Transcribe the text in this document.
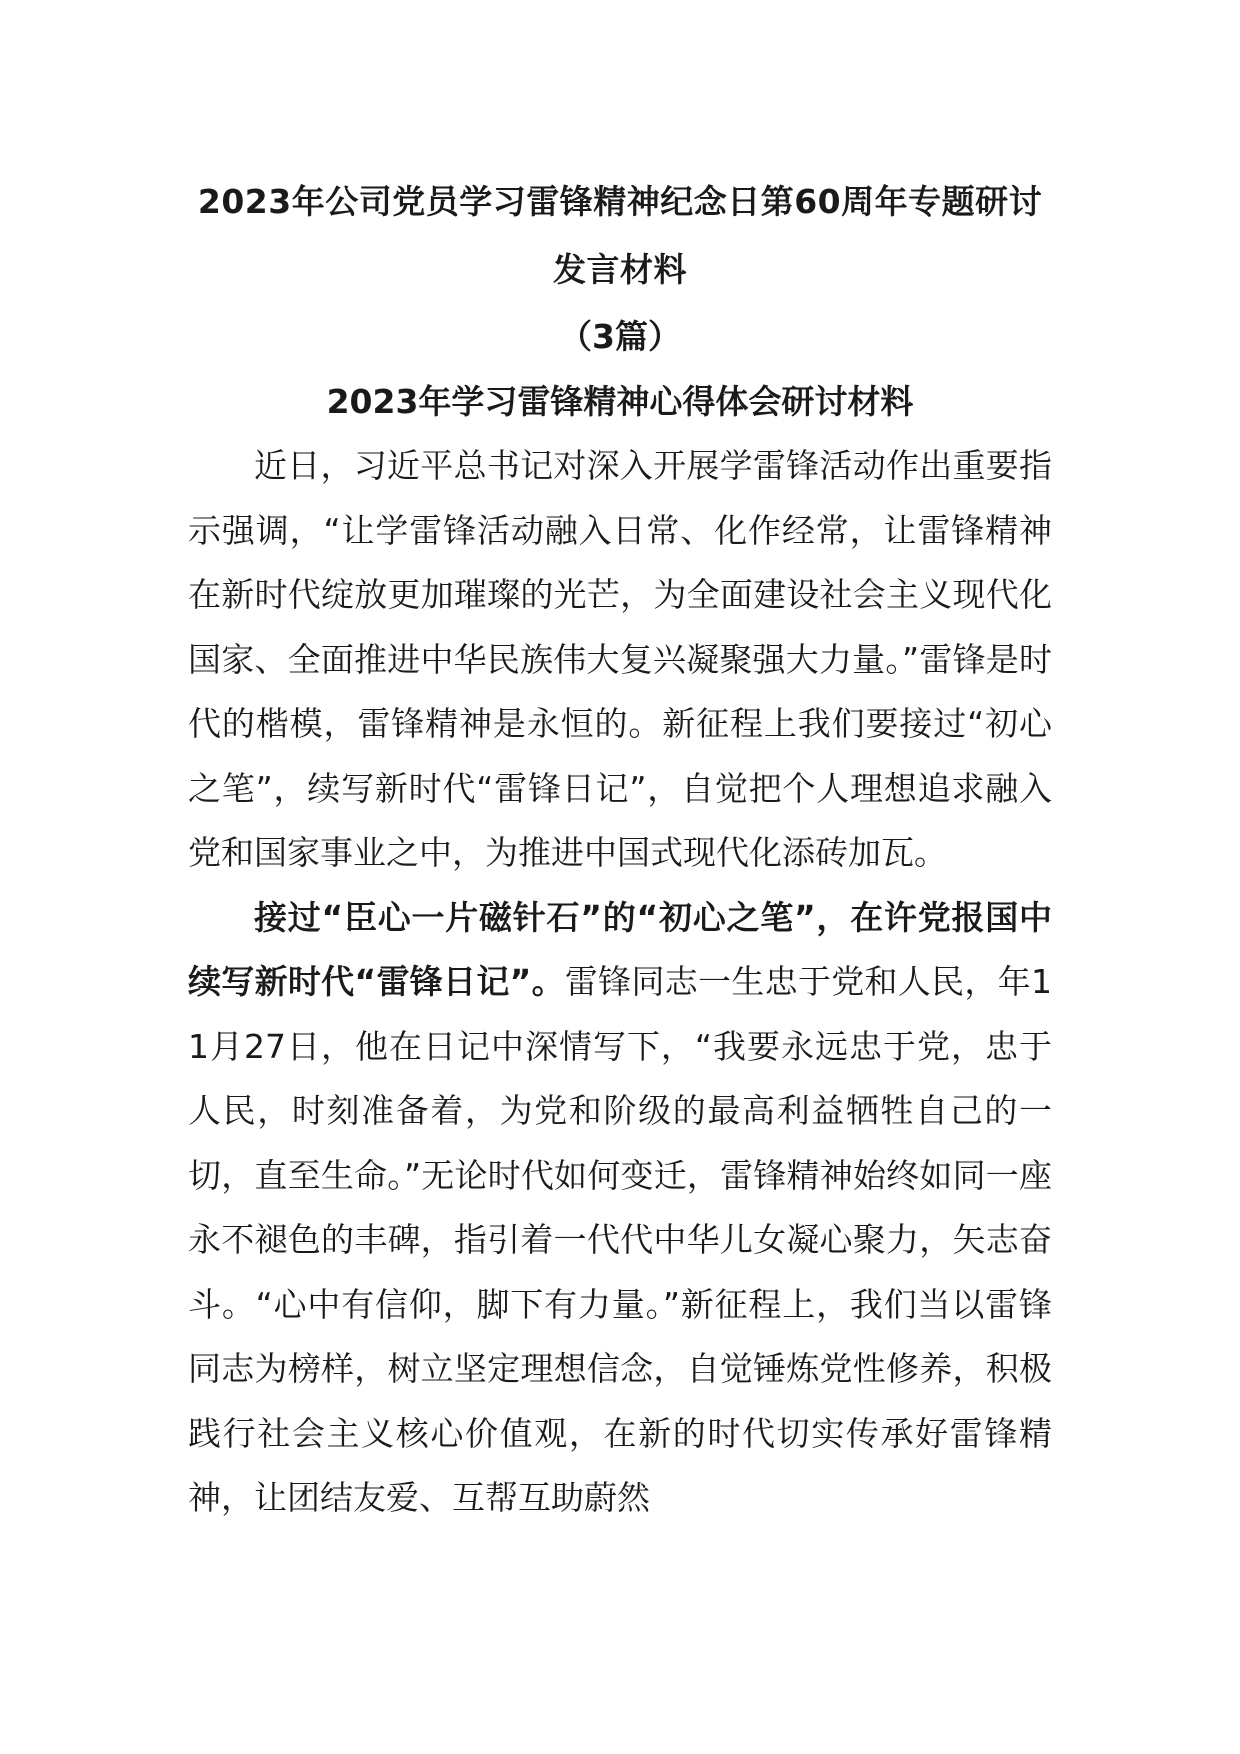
2023年公司党员学习雷锋精神纪念日第60周年专题研讨
发言材料
（3篇）
2023年学习雷锋精神心得体会研讨材料

近日，习近平总书记对深入开展学雷锋活动作出重要指示强调，“让学雷锋活动融入日常、化作经常，让雷锋精神在新时代绽放更加璀璨的光芒，为全面建设社会主义现代化国家、全面推进中华民族伟大复兴凝聚强大力量。”雷锋是时代的楷模，雷锋精神是永恒的。新征程上我们要接过“初心之笔”，续写新时代“雷锋日记”，自觉把个人理想追求融入党和国家事业之中，为推进中国式现代化添砖加瓦。

接过“臣心一片磁针石”的“初心之笔”，在许党报国中续写新时代“雷锋日记”。雷锋同志一生忠于党和人民，年11月27日，他在日记中深情写下，“我要永远忠于党，忠于人民，时刻准备着，为党和阶级的最高利益牺牲自己的一切，直至生命。”无论时代如何变迁，雷锋精神始终如同一座永不褪色的丰碑，指引着一代代中华儿女凝心聚力，矢志奋斗。“心中有信仰，脚下有力量。”新征程上，我们当以雷锋同志为榜样，树立坚定理想信念，自觉锤炼党性修养，积极践行社会主义核心价值观，在新的时代切实传承好雷锋精神，让团结友爱、互帮互助蔚然
